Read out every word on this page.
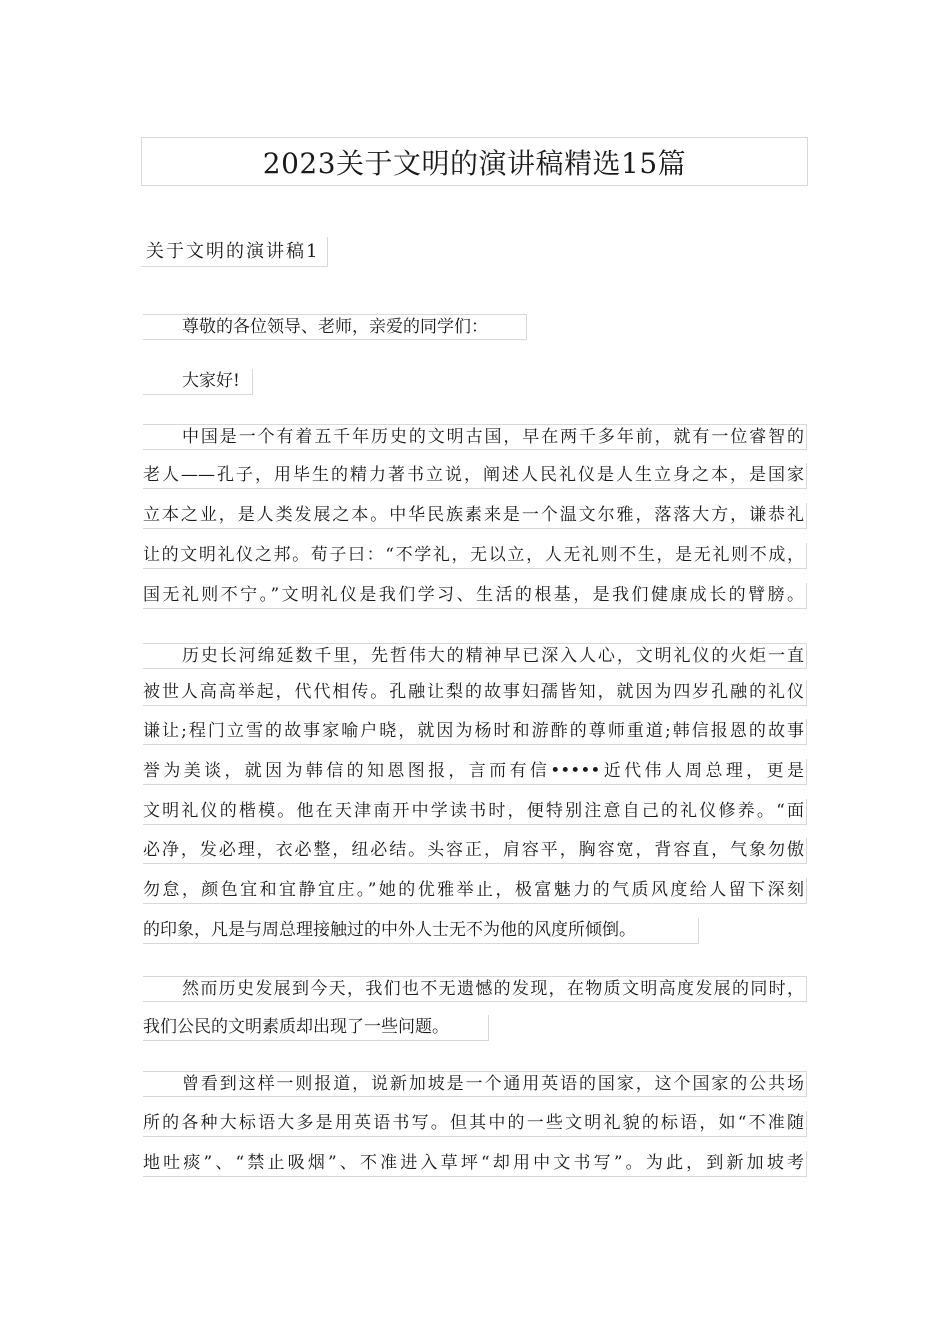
2023关于文明的演讲稿精选15篇
关于文明的演讲稿1
尊敬的各位领导、老师，亲爱的同学们：
大家好!
中国是一个有着五千年历史的文明古国，早在两千多年前，就有一位睿智的
老人——孔子，用毕生的精力著书立说，阐述人民礼仪是人生立身之本，是国家
立本之业，是人类发展之本。中华民族素来是一个温文尔雅，落落大方，谦恭礼
让的文明礼仪之邦。荀子曰：“不学礼，无以立，人无礼则不生，是无礼则不成，
国无礼则不宁。”文明礼仪是我们学习、生活的根基，是我们健康成长的臂膀。
历史长河绵延数千里，先哲伟大的精神早已深入人心，文明礼仪的火炬一直
被世人高高举起，代代相传。孔融让梨的故事妇孺皆知，就因为四岁孔融的礼仪
谦让;程门立雪的故事家喻户晓，就因为杨时和游酢的尊师重道;韩信报恩的故事
誉为美谈，就因为韩信的知恩图报，言而有信•••••近代伟人周总理，更是
文明礼仪的楷模。他在天津南开中学读书时，便特别注意自己的礼仪修养。“面
必净，发必理，衣必整，纽必结。头容正，肩容平，胸容宽，背容直，气象勿傲
勿怠，颜色宜和宜静宜庄。”她的优雅举止，极富魅力的气质风度给人留下深刻
的印象，凡是与周总理接触过的中外人士无不为他的风度所倾倒。
然而历史发展到今天，我们也不无遗憾的发现，在物质文明高度发展的同时，
我们公民的文明素质却出现了一些问题。
曾看到这样一则报道，说新加坡是一个通用英语的国家，这个国家的公共场
所的各种大标语大多是用英语书写。但其中的一些文明礼貌的标语，如“不准随
地吐痰”、“禁止吸烟”、不准进入草坪“却用中文书写”。为此，到新加坡考
